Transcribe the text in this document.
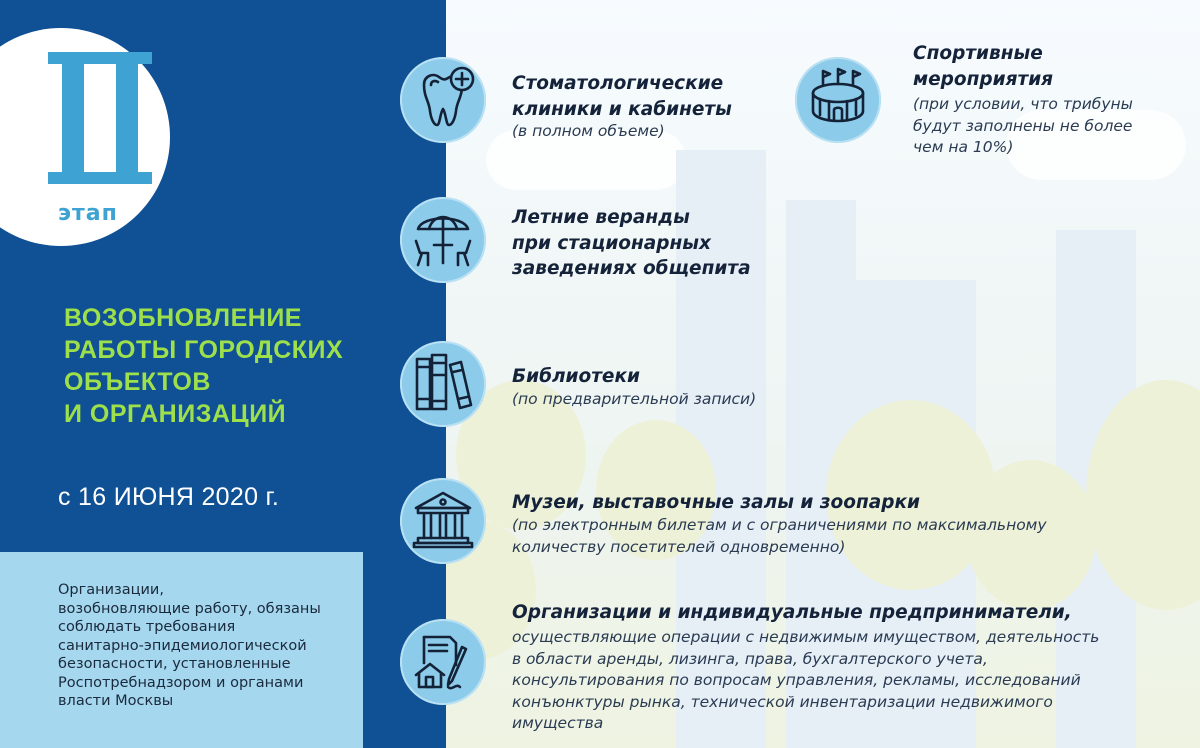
II
этап
ВОЗОБНОВЛЕНИЕ
РАБОТЫ ГОРОДСКИХ
ОБЪЕКТОВ
И ОРГАНИЗАЦИЙ
с 16 ИЮНЯ 2020 г.
Организации,
возобновляющие работу, обязаны
соблюдать требования
санитарно-эпидемиологической
безопасности, установленные
Роспотребнадзором и органами
власти Москвы
Стоматологические
клиники и кабинеты
(в полном объеме)
Спортивные
мероприятия
(при условии, что трибуны
будут заполнены не более
чем на 10%)
Летние веранды
при стационарных
заведениях общепита
Библиотеки
(по предварительной записи)
Музеи, выставочные залы и зоопарки
(по электронным билетам и с ограничениями по максимальному
количеству посетителей одновременно)
Организации и индивидуальные предприниматели,
осуществляющие операции с недвижимым имуществом, деятельность
в области аренды, лизинга, права, бухгалтерского учета,
консультирования по вопросам управления, рекламы, исследований
конъюнктуры рынка, технической инвентаризации недвижимого
имущества
